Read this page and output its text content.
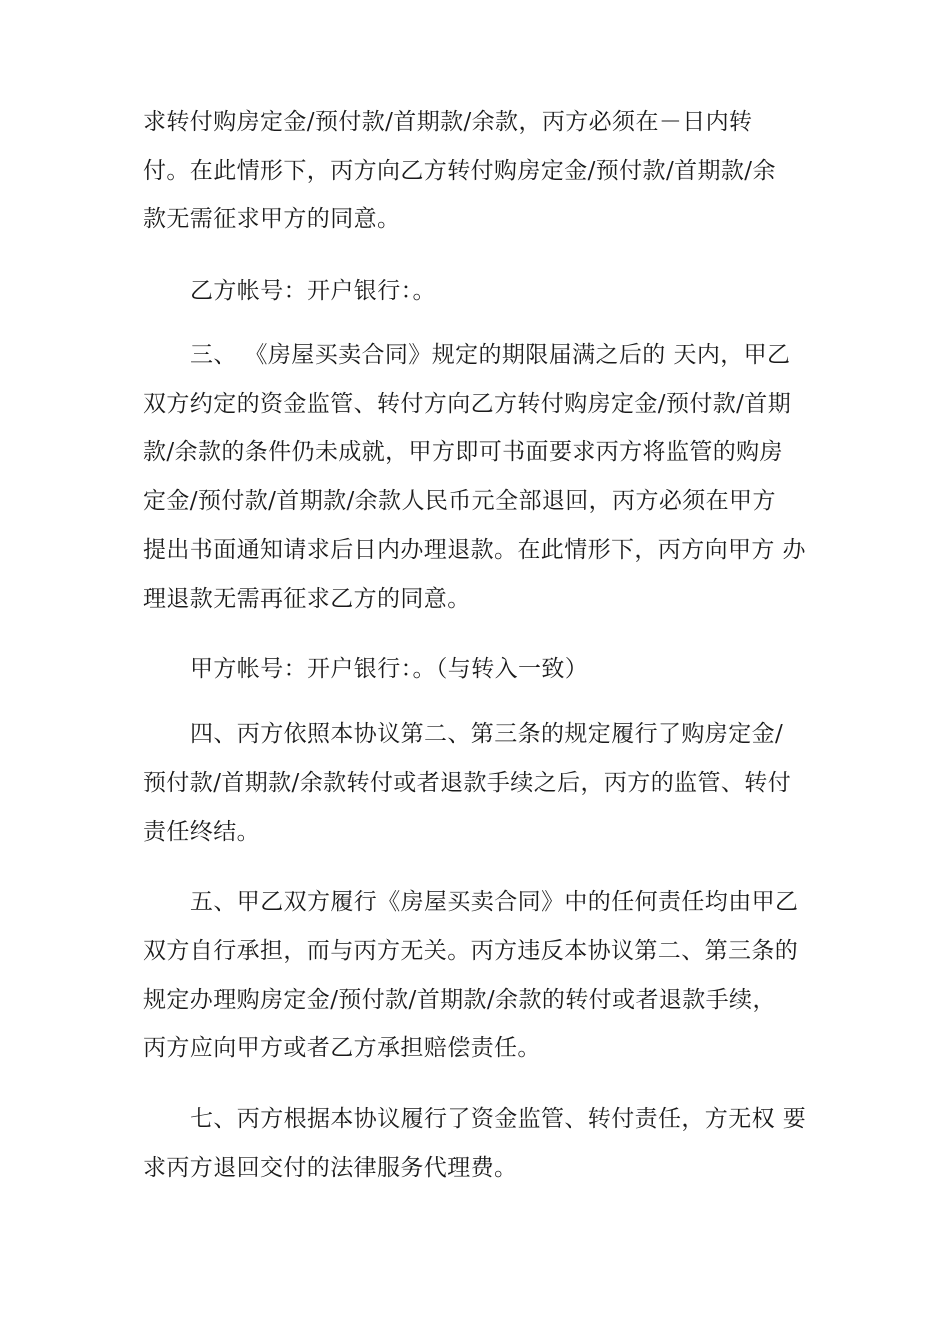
求转付购房定金/预付款/首期款/余款，丙方必须在－日内转
付。在此情形下，丙方向乙方转付购房定金/预付款/首期款/余
款无需征求甲方的同意。
乙方帐号：开户银行：。
三、 《房屋买卖合同》规定的期限届满之后的 天内，甲乙
双方约定的资金监管、转付方向乙方转付购房定金/预付款/首期
款/余款的条件仍未成就，甲方即可书面要求丙方将监管的购房
定金/预付款/首期款/余款人民币元全部退回，丙方必须在甲方
提出书面通知请求后日内办理退款。在此情形下，丙方向甲方 办
理退款无需再征求乙方的同意。
甲方帐号：开户银行：。（与转入一致）
四、丙方依照本协议第二、第三条的规定履行了购房定金/
预付款/首期款/余款转付或者退款手续之后，丙方的监管、转付
责任终结。
五、甲乙双方履行《房屋买卖合同》中的任何责任均由甲乙
双方自行承担，而与丙方无关。丙方违反本协议第二、第三条的
规定办理购房定金/预付款/首期款/余款的转付或者退款手续，
丙方应向甲方或者乙方承担赔偿责任。
七、丙方根据本协议履行了资金监管、转付责任，方无权 要
求丙方退回交付的法律服务代理费。
